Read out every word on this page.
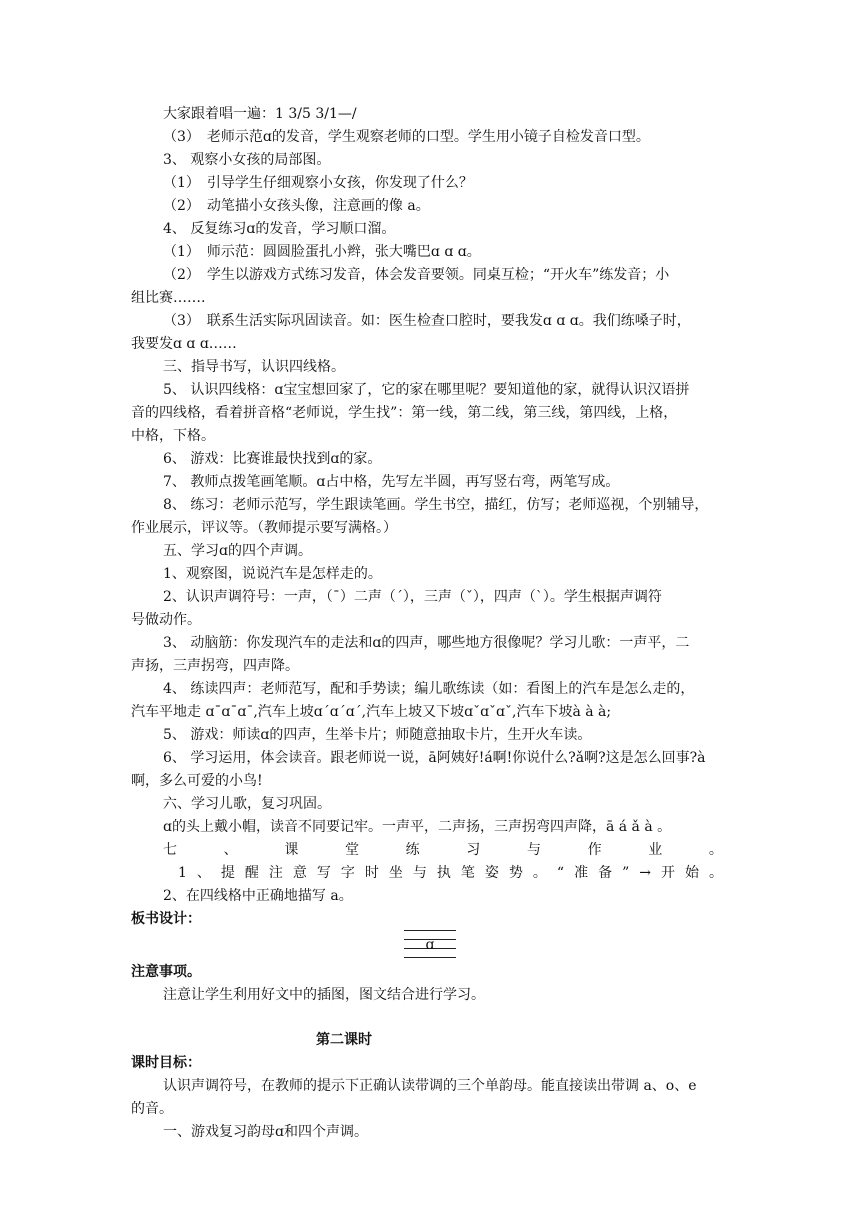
大家跟着唱一遍：1 3/5 3/1—/
（3）　老师示范ɑ的发音，学生观察老师的口型。学生用小镜子自检发音口型。
3、 观察小女孩的局部图。
（1）　引导学生仔细观察小女孩，你发现了什么？
（2）　动笔描小女孩头像，注意画的像 a。
4、 反复练习ɑ的发音，学习顺口溜。
（1）　师示范：圆圆脸蛋扎小辫，张大嘴巴ɑ ɑ ɑ。
（2）　学生以游戏方式练习发音，体会发音要领。同桌互检；“开火车”练发音；小
组比赛…….
（3）　联系生活实际巩固读音。如：医生检查口腔时，要我发ɑ ɑ ɑ。我们练嗓子时，
我要发ɑ ɑ ɑ……
三、指导书写，认识四线格。
5、 认识四线格：ɑ宝宝想回家了，它的家在哪里呢？要知道他的家，就得认识汉语拼
音的四线格，看着拼音格“老师说，学生找”：第一线，第二线，第三线，第四线，上格，
中格，下格。
6、 游戏：比赛谁最快找到ɑ的家。
7、 教师点拨笔画笔顺。ɑ占中格，先写左半圆，再写竖右弯，两笔写成。
8、 练习：老师示范写，学生跟读笔画。学生书空，描红，仿写；老师巡视，个别辅导，
作业展示，评议等。（教师提示要写满格。）
五、学习ɑ的四个声调。
1、观察图，说说汽车是怎样走的。
2、认识声调符号：一声，（ˉ）二声（ˊ），三声（ˇ），四声（ˋ）。学生根据声调符
号做动作。
3、 动脑筋：你发现汽车的走法和ɑ的四声，哪些地方很像呢？学习儿歌：一声平，二
声扬，三声拐弯，四声降。
4、 练读四声：老师范写，配和手势读；编儿歌练读（如：看图上的汽车是怎么走的，
汽车平地走 ɑˉɑˉɑˉ,汽车上坡ɑˊɑˊɑˊ,汽车上坡又下坡ɑˇɑˇɑˇ,汽车下坡à à à;
5、 游戏：师读ɑ的四声，生举卡片；师随意抽取卡片，生开火车读。
6、 学习运用，体会读音。跟老师说一说，ā阿姨好!á啊!你说什么?ǎ啊?这是怎么回事?à
啊，多么可爱的小鸟!
六、学习儿歌，复习巩固。
ɑ的头上戴小帽，读音不同要记牢。一声平，二声扬，三声拐弯四声降，ā á ǎ à 。
七	、	课	堂	练	习	与	作	业	。
1 、 提 醒 注 意 写 字 时 坐 与 执 笔 姿 势 。 “ 准 备 ” → 开 始 。
2、在四线格中正确地描写 a。
板书设计：
ɑ
注意事项。
注意让学生利用好文中的插图，图文结合进行学习。
第二课时
课时目标：
认识声调符号，在教师的提示下正确认读带调的三个单韵母。能直接读出带调 a、o、e
的音。
一、游戏复习韵母ɑ和四个声调。
